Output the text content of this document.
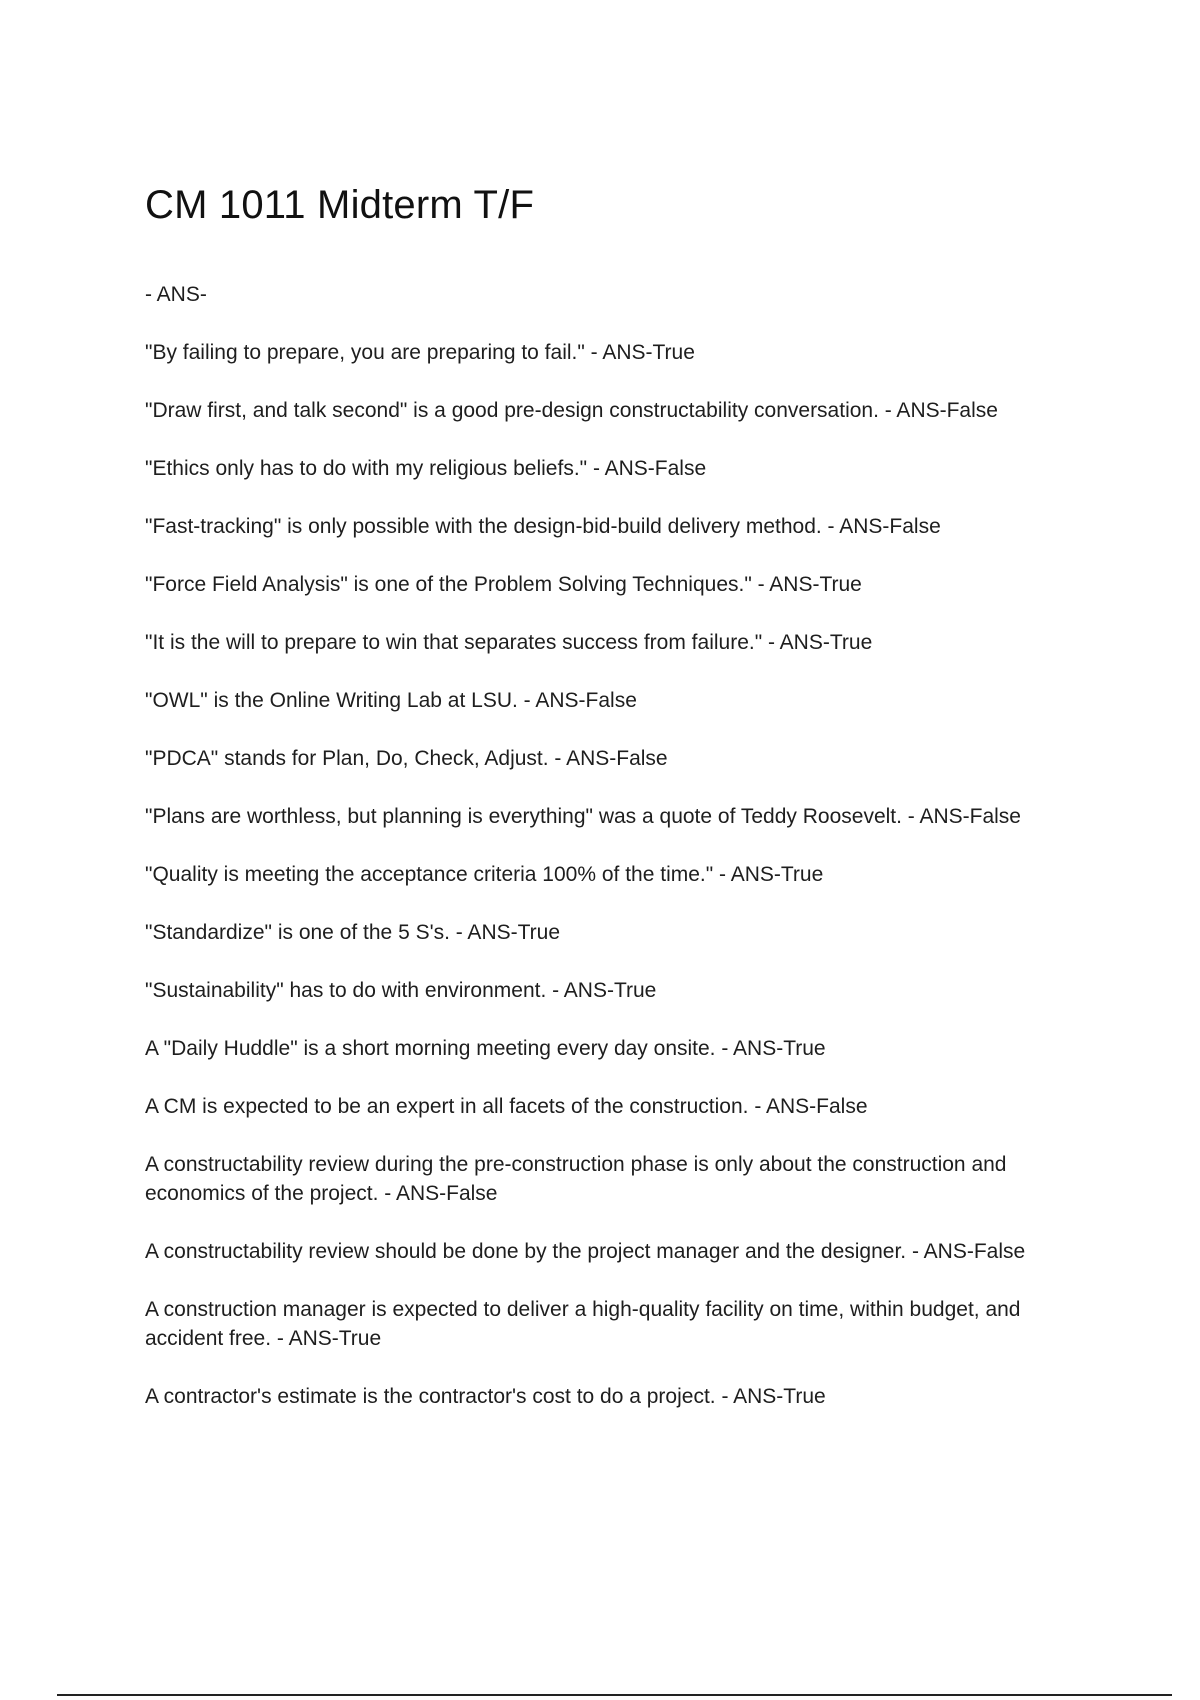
CM 1011 Midterm T/F
- ANS-
"By failing to prepare, you are preparing to fail." - ANS-True
"Draw first, and talk second" is a good pre-design constructability conversation. - ANS-False
"Ethics only has to do with my religious beliefs." - ANS-False
"Fast-tracking" is only possible with the design-bid-build delivery method. - ANS-False
"Force Field Analysis" is one of the Problem Solving Techniques." - ANS-True
"It is the will to prepare to win that separates success from failure." - ANS-True
"OWL" is the Online Writing Lab at LSU. - ANS-False
"PDCA" stands for Plan, Do, Check, Adjust. - ANS-False
"Plans are worthless, but planning is everything" was a quote of Teddy Roosevelt. - ANS-False
"Quality is meeting the acceptance criteria 100% of the time." - ANS-True
"Standardize" is one of the 5 S's. - ANS-True
"Sustainability" has to do with environment. - ANS-True
A "Daily Huddle" is a short morning meeting every day onsite. - ANS-True
A CM is expected to be an expert in all facets of the construction. - ANS-False
A constructability review during the pre-construction phase is only about the construction and economics of the project. - ANS-False
A constructability review should be done by the project manager and the designer. - ANS-False
A construction manager is expected to deliver a high-quality facility on time, within budget, and accident free. - ANS-True
A contractor's estimate is the contractor's cost to do a project. - ANS-True
